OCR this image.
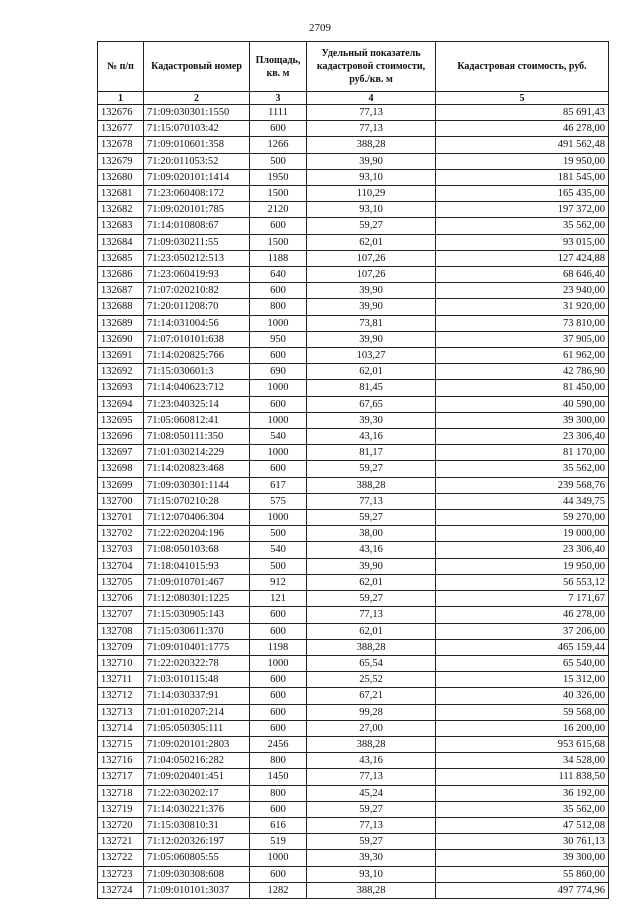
2709
№ п/п	Кадастровый номер	Площадь, кв. м	Удельный показатель кадастровой стоимости, руб./кв. м	Кадастровая стоимость, руб.
1	2	3	4	5
132676	71:09:030301:1550	1111	77,13	85 691,43
132677	71:15:070103:42	600	77,13	46 278,00
132678	71:09:010601:358	1266	388,28	491 562,48
132679	71:20:011053:52	500	39,90	19 950,00
132680	71:09:020101:1414	1950	93,10	181 545,00
132681	71:23:060408:172	1500	110,29	165 435,00
132682	71:09:020101:785	2120	93,10	197 372,00
132683	71:14:010808:67	600	59,27	35 562,00
132684	71:09:030211:55	1500	62,01	93 015,00
132685	71:23:050212:513	1188	107,26	127 424,88
132686	71:23:060419:93	640	107,26	68 646,40
132687	71:07:020210:82	600	39,90	23 940,00
132688	71:20:011208:70	800	39,90	31 920,00
132689	71:14:031004:56	1000	73,81	73 810,00
132690	71:07:010101:638	950	39,90	37 905,00
132691	71:14:020825:766	600	103,27	61 962,00
132692	71:15:030601:3	690	62,01	42 786,90
132693	71:14:040623:712	1000	81,45	81 450,00
132694	71:23:040325:14	600	67,65	40 590,00
132695	71:05:060812:41	1000	39,30	39 300,00
132696	71:08:050111:350	540	43,16	23 306,40
132697	71:01:030214:229	1000	81,17	81 170,00
132698	71:14:020823:468	600	59,27	35 562,00
132699	71:09:030301:1144	617	388,28	239 568,76
132700	71:15:070210:28	575	77,13	44 349,75
132701	71:12:070406:304	1000	59,27	59 270,00
132702	71:22:020204:196	500	38,00	19 000,00
132703	71:08:050103:68	540	43,16	23 306,40
132704	71:18:041015:93	500	39,90	19 950,00
132705	71:09:010701:467	912	62,01	56 553,12
132706	71:12:080301:1225	121	59,27	7 171,67
132707	71:15:030905:143	600	77,13	46 278,00
132708	71:15:030611:370	600	62,01	37 206,00
132709	71:09:010401:1775	1198	388,28	465 159,44
132710	71:22:020322:78	1000	65,54	65 540,00
132711	71:03:010115:48	600	25,52	15 312,00
132712	71:14:030337:91	600	67,21	40 326,00
132713	71:01:010207:214	600	99,28	59 568,00
132714	71:05:050305:111	600	27,00	16 200,00
132715	71:09:020101:2803	2456	388,28	953 615,68
132716	71:04:050216:282	800	43,16	34 528,00
132717	71:09:020401:451	1450	77,13	111 838,50
132718	71:22:030202:17	800	45,24	36 192,00
132719	71:14:030221:376	600	59,27	35 562,00
132720	71:15:030810:31	616	77,13	47 512,08
132721	71:12:020326:197	519	59,27	30 761,13
132722	71:05:060805:55	1000	39,30	39 300,00
132723	71:09:030308:608	600	93,10	55 860,00
132724	71:09:010101:3037	1282	388,28	497 774,96
